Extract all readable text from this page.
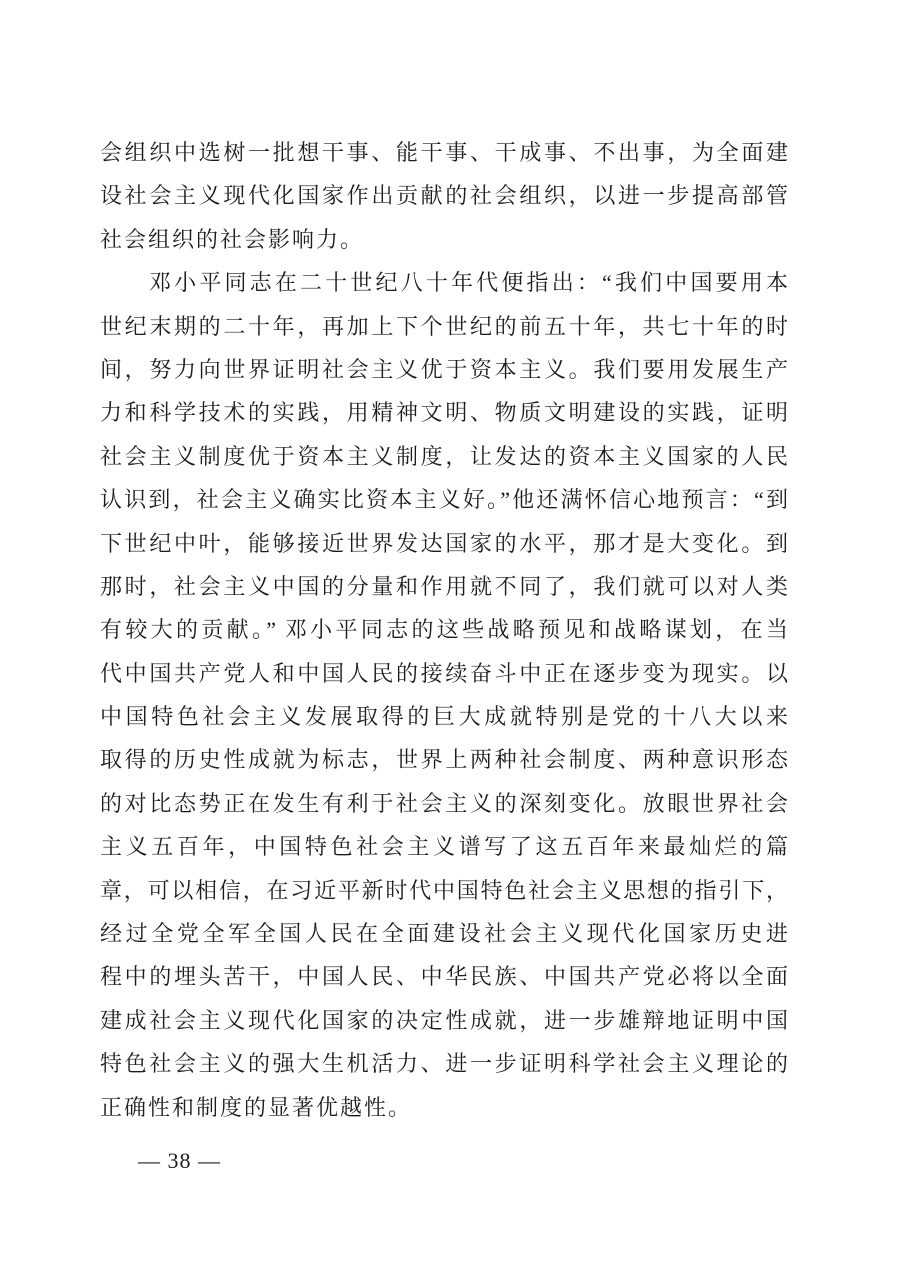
会组织中选树一批想干事、能干事、干成事、不出事，为全面建
设社会主义现代化国家作出贡献的社会组织，以进一步提高部管
社会组织的社会影响力。
邓小平同志在二十世纪八十年代便指出：“我们中国要用本
世纪末期的二十年，再加上下个世纪的前五十年，共七十年的时
间，努力向世界证明社会主义优于资本主义。我们要用发展生产
力和科学技术的实践，用精神文明、物质文明建设的实践，证明
社会主义制度优于资本主义制度，让发达的资本主义国家的人民
认识到，社会主义确实比资本主义好。”他还满怀信心地预言：“到
下世纪中叶，能够接近世界发达国家的水平，那才是大变化。到
那时，社会主义中国的分量和作用就不同了，我们就可以对人类
有较大的贡献。” 邓小平同志的这些战略预见和战略谋划，在当
代中国共产党人和中国人民的接续奋斗中正在逐步变为现实。以
中国特色社会主义发展取得的巨大成就特别是党的十八大以来
取得的历史性成就为标志，世界上两种社会制度、两种意识形态
的对比态势正在发生有利于社会主义的深刻变化。放眼世界社会
主义五百年，中国特色社会主义谱写了这五百年来最灿烂的篇
章，可以相信，在习近平新时代中国特色社会主义思想的指引下，
经过全党全军全国人民在全面建设社会主义现代化国家历史进
程中的埋头苦干，中国人民、中华民族、中国共产党必将以全面
建成社会主义现代化国家的决定性成就，进一步雄辩地证明中国
特色社会主义的强大生机活力、进一步证明科学社会主义理论的
正确性和制度的显著优越性。
— 38 —
